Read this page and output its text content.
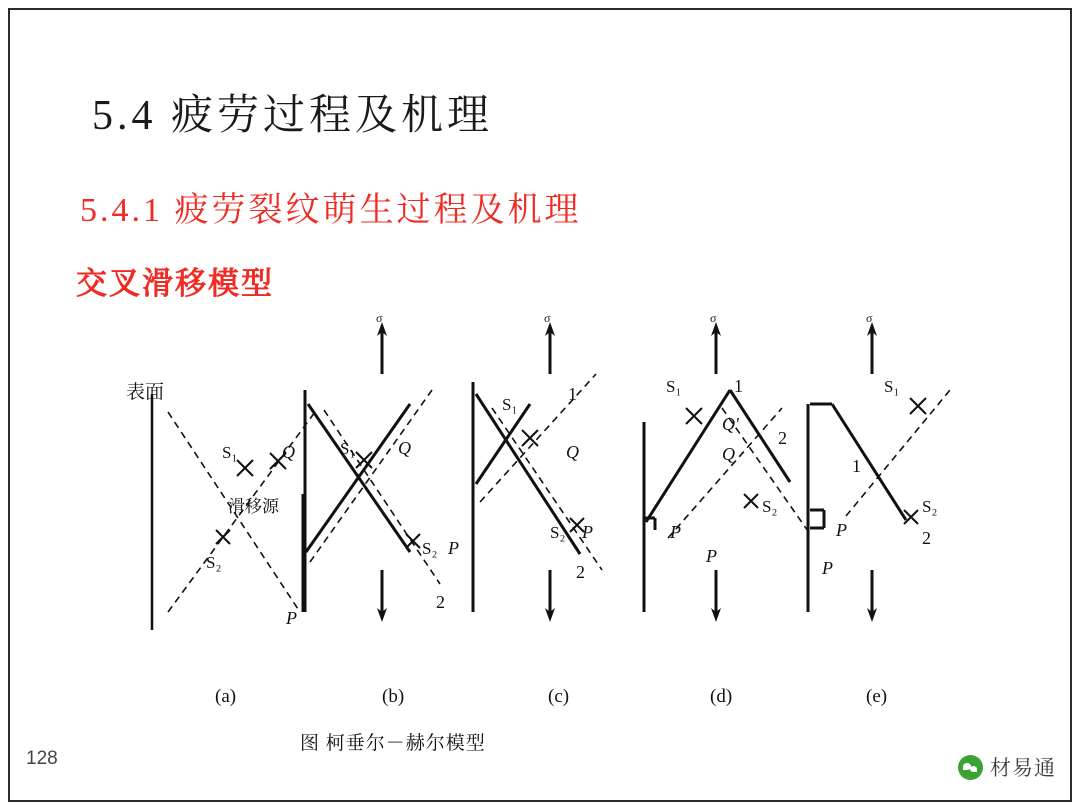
5.4 疲劳过程及机理
5.4.1 疲劳裂纹萌生过程及机理
交叉滑移模型
表面
S₁ Q
滑移源
S₂
P
(a)
σ
S₁ Q
S₂ P
2
(b)
σ
S₁
1
Q
S₂ P
2
(c)
σ
S₁	1
Q'
Q
2
S₂
P
P
(d)
σ
S₁
1
S₂
2
P
P
(e)
图 柯垂尔－赫尔模型
128	材易通
